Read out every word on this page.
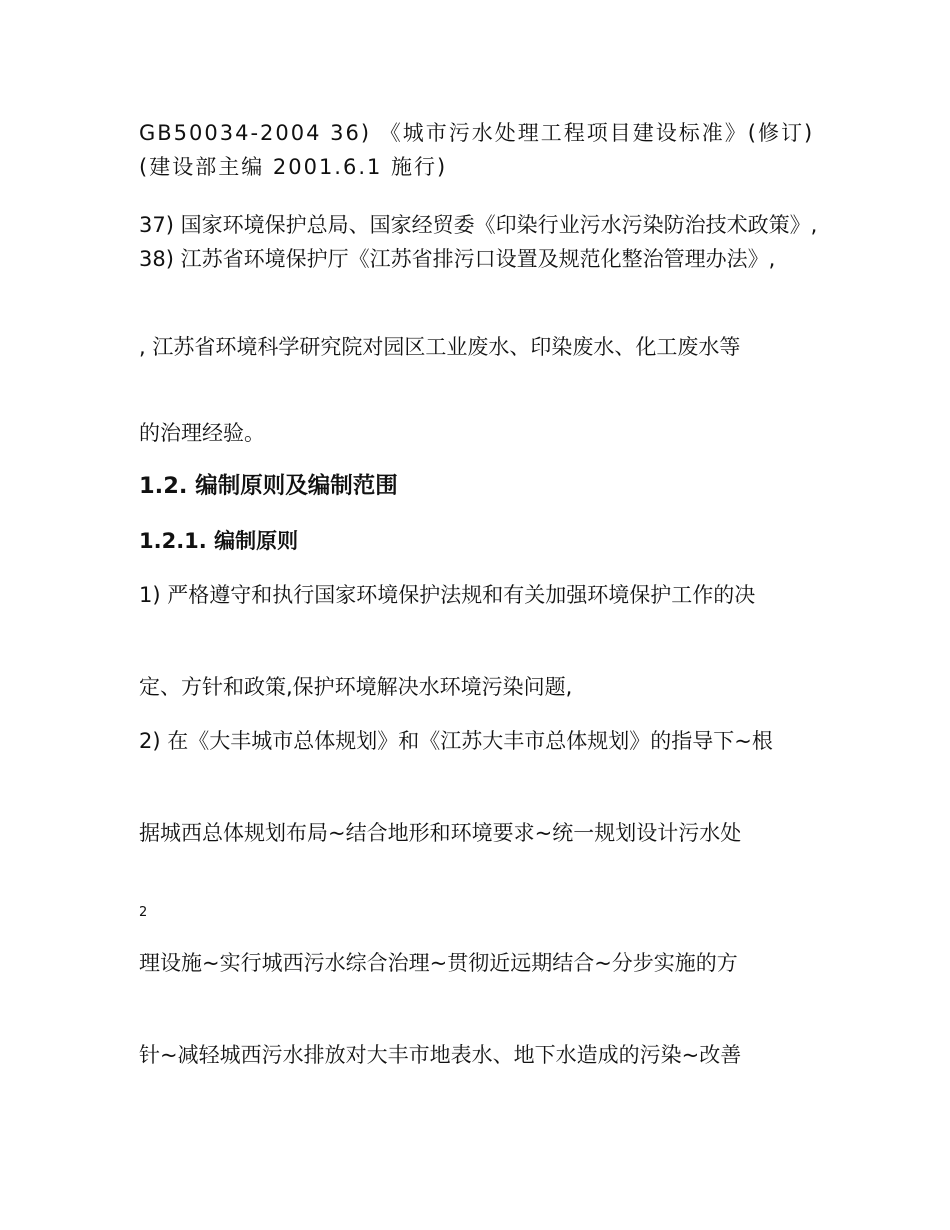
GB50034-2004 36) 《城市污水处理工程项目建设标准》(修订) (建设部主编 2001.6.1 施行)

37) 国家环境保护总局、国家经贸委《印染行业污水污染防治技术政策》, 38) 江苏省环境保护厅《江苏省排污口设置及规范化整治管理办法》,

, 江苏省环境科学研究院对园区工业废水、印染废水、化工废水等

的治理经验。

1.2. 编制原则及编制范围
1.2.1. 编制原则

1) 严格遵守和执行国家环境保护法规和有关加强环境保护工作的决

定、方针和政策,保护环境解决水环境污染问题,

2) 在《大丰城市总体规划》和《江苏大丰市总体规划》的指导下~根

据城西总体规划布局~结合地形和环境要求~统一规划设计污水处

2

理设施~实行城西污水综合治理~贯彻近远期结合~分步实施的方

针~减轻城西污水排放对大丰市地表水、地下水造成的污染~改善
